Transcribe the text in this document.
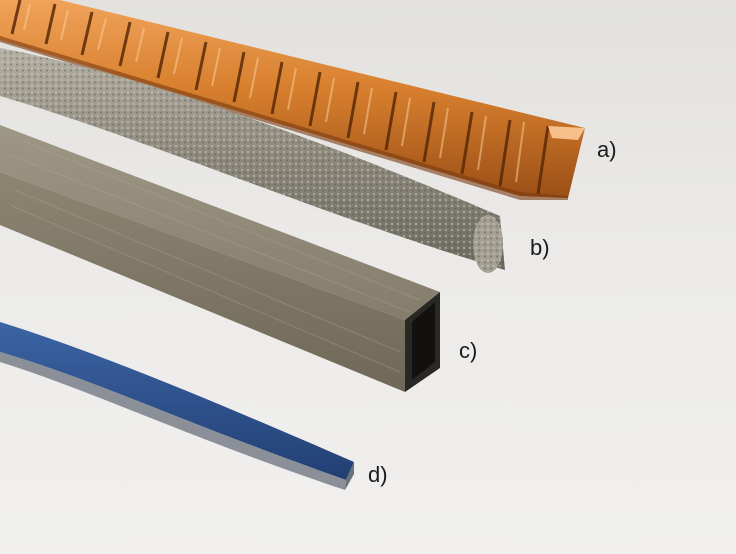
a)
b)
c)
d)
